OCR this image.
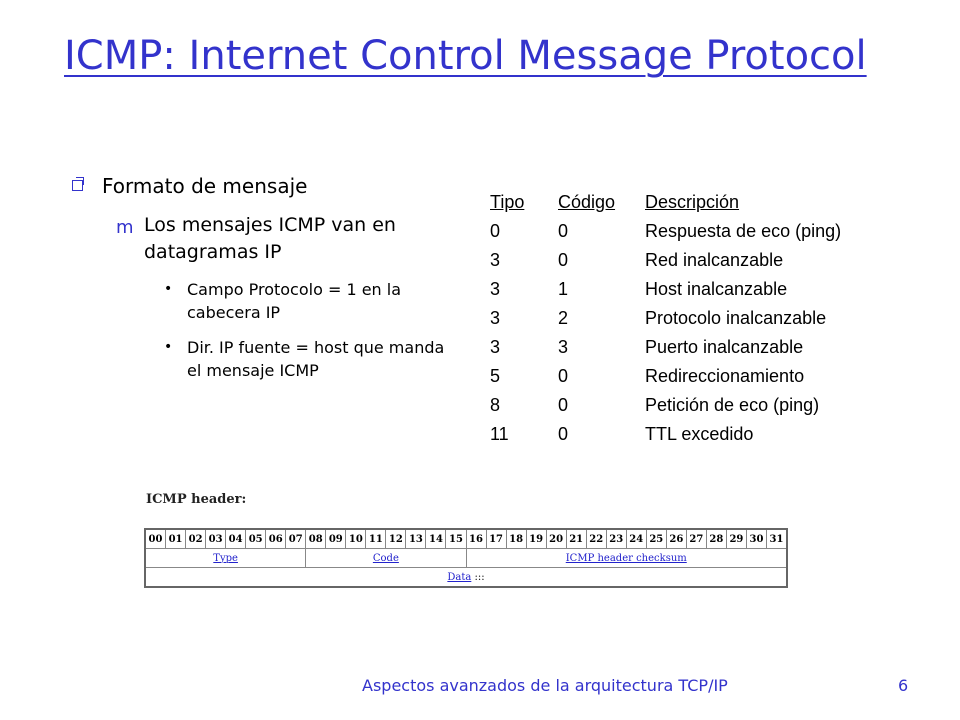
ICMP: Internet Control Message Protocol
Formato de mensaje
m Los mensajes ICMP van en datagramas IP
• Campo Protocolo = 1 en la cabecera IP
• Dir. IP fuente = host que manda el mensaje ICMP
Tipo Código Descripción
0	0	Respuesta de eco (ping)
3	0	Red inalcanzable
3	1	Host inalcanzable
3	2	Protocolo inalcanzable
3	3	Puerto inalcanzable
5	0	Redireccionamiento
8	0	Petición de eco (ping)
11	0	TTL excedido
ICMP header:
00	01	02	03	04	05	06	07	08	09	10	11	12	13	14	15	16	17	18	19	20	21	22	23	24	25	26	27	28	29	30	31
Type								Code								ICMP header checksum															
Data :::																															
Aspectos avanzados de la arquitectura TCP/IP	6
